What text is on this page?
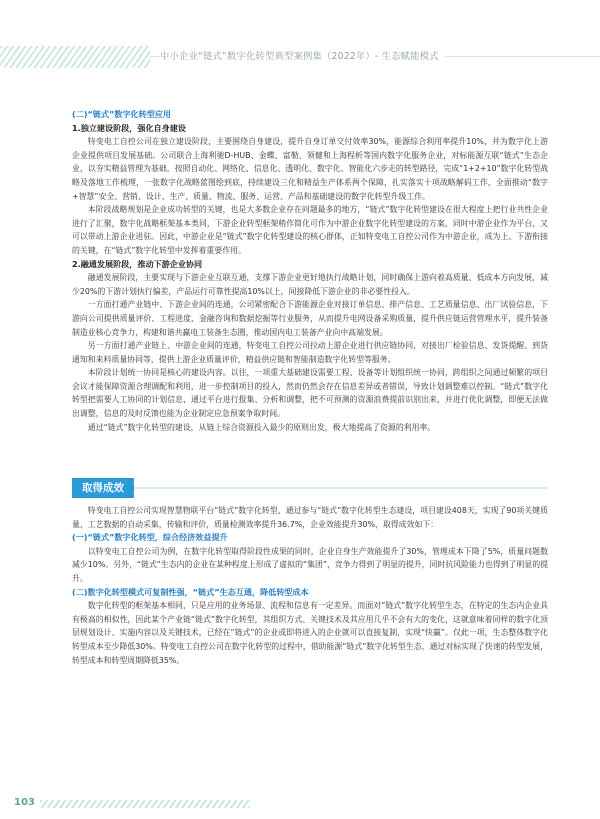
中小企业“链式”数字化转型典型案例集（2022年）- 生态赋能模式

(二)“链式”数字化转型应用

1.独立建设阶段，强化自身建设

特变电工自控公司在独立建设阶段，主要围绕自身建设，提升自身订单交付效率30%，能源综合利用率提升10%，并为数字化上游企业提供项目发展基础。公司联合上海利驰D-HUB、金蝶、富勒、领健和上海程析等国内数字化服务企业，对标能源互联“链式”生态企业，以夯实精益管理为基础，按照自动化、网络化、信息化、透明化、数字化、智能化六步走的转型路径，完成“1+2+10”数字化转型战略及落地工作梳理，一张数字化战略蓝图绘到底，持续建设三化和精益生产体系两个保障，扎实落实十项战略解码工作，全面推动“数字+智慧”安全、营销、设计、生产、质量、物流、服务、运营、产品和基础建设的数字化转型升级工作。

本阶段战略规划是企业成功转型的关键，也是大多数企业存在问题最多的地方，“链式”数字化转型建设在很大程度上把行业共性企业进行了汇聚，数字化战略框架基本类同，下游企业转型框架稍作简化可作为中游企业数字化转型建设的方案，同时中游企业作为平台，又可以带动上游企业进驻。因此，中游企业是“链式”数字化转型建设的核心群体，正如特变电工自控公司作为中游企业，成为上、下游衔接的关键，在“链式”数字化转型中发挥着重要作用。

2.融通发展阶段，推动下游企业协同

融通发展阶段，主要实现与下游企业互联互通，支撑下游企业更好地执行战略计划，同时确保上游向着高质量、低成本方向发展，减少20%的下游计划执行偏差，产品运行可靠性提高10%以上，间接降低下游企业的非必要性投入。

一方面打通产业链中、下游企业间的连通，公司紧密配合下游能源企业对接订单信息、排产信息、工艺质量信息、出厂试验信息，下游向公司提供质量评价、工程进度、金融咨询和数据挖掘等行业服务，从而提升电网设备采购质量，提升供应链运营管理水平，提升装备制造业核心竞争力，构建和谐共赢电工装备生态圈，推动国内电工装备产业向中高端发展。

另一方面打通产业链上、中游企业间的连通，特变电工自控公司拉动上游企业进行供应链协同，对接出厂检验信息、发货提醒、到货通知和来料质量协同等，提供上游企业质量评价，精益供应链和智能制造数字化转型等服务。

本阶段计划统一协同是核心的建设内容。以往，一项重大基础建设需要工程、设备等计划组织统一协同，跨组织之间通过频繁的项目会议才能保障资源合理调配和利用，进一步控制项目的投入，然而仍然会存在信息差异或者错误，导致计划调整难以控制。“链式”数字化转型把需要人工协同的计划信息，通过平台进行报集、分析和调整，把不可预测的资源浪费提前识别出来，并进行优化调整，即便无法做出调整，信息的及时反馈也能为企业制定应急预案争取时间。

通过“链式”数字化转型的建设，从链上综合资源投入最少的原则出发，极大地提高了资源的利用率。

取得成效

特变电工自控公司实现智慧物联平台“链式”数字化转型，通过参与“链式”数字化转型生态建设，项目建设408天，实现了90项关键质量、工艺数据的自动采集，传输和评价，质量检测效率提升36.7%，企业效能提升30%，取得成效如下：

(一)“链式”数字化转型，综合经济效益提升

以特变电工自控公司为例，在数字化转型取得阶段性成果的同时，企业自身生产效能提升了30%，管理成本下降了5%，质量问题数减少10%。另外，“链式”生态内的企业在某种程度上形成了虚拟的“集团”，竞争力得到了明显的提升，同时抗风险能力也得到了明显的提升。

(二)数字化转型模式可复制性强，“链式”生态互通，降低转型成本

数字化转型的框架基本相同，只是应用的业务场景、流程和信息有一定差异。而面对“链式”数字化转型生态，在特定的生态内企业具有极高的相似性，因此某个产业链“链式”数字化转型，其组织方式、关键技术及其应用几乎不会有大的变化，这就意味着同样的数字化顶层规划设计、实施内容以及关键技术，已经在“链式”的企业或即将进入的企业就可以直接复制，实现“快赢”。仅此一项，生态整体数字化转型成本至少降低30%。特变电工自控公司在数字化转型的过程中，借助能源“链式”数字化转型生态，通过对标实现了快速的转型发展，转型成本和转型周期降低35%。

103
